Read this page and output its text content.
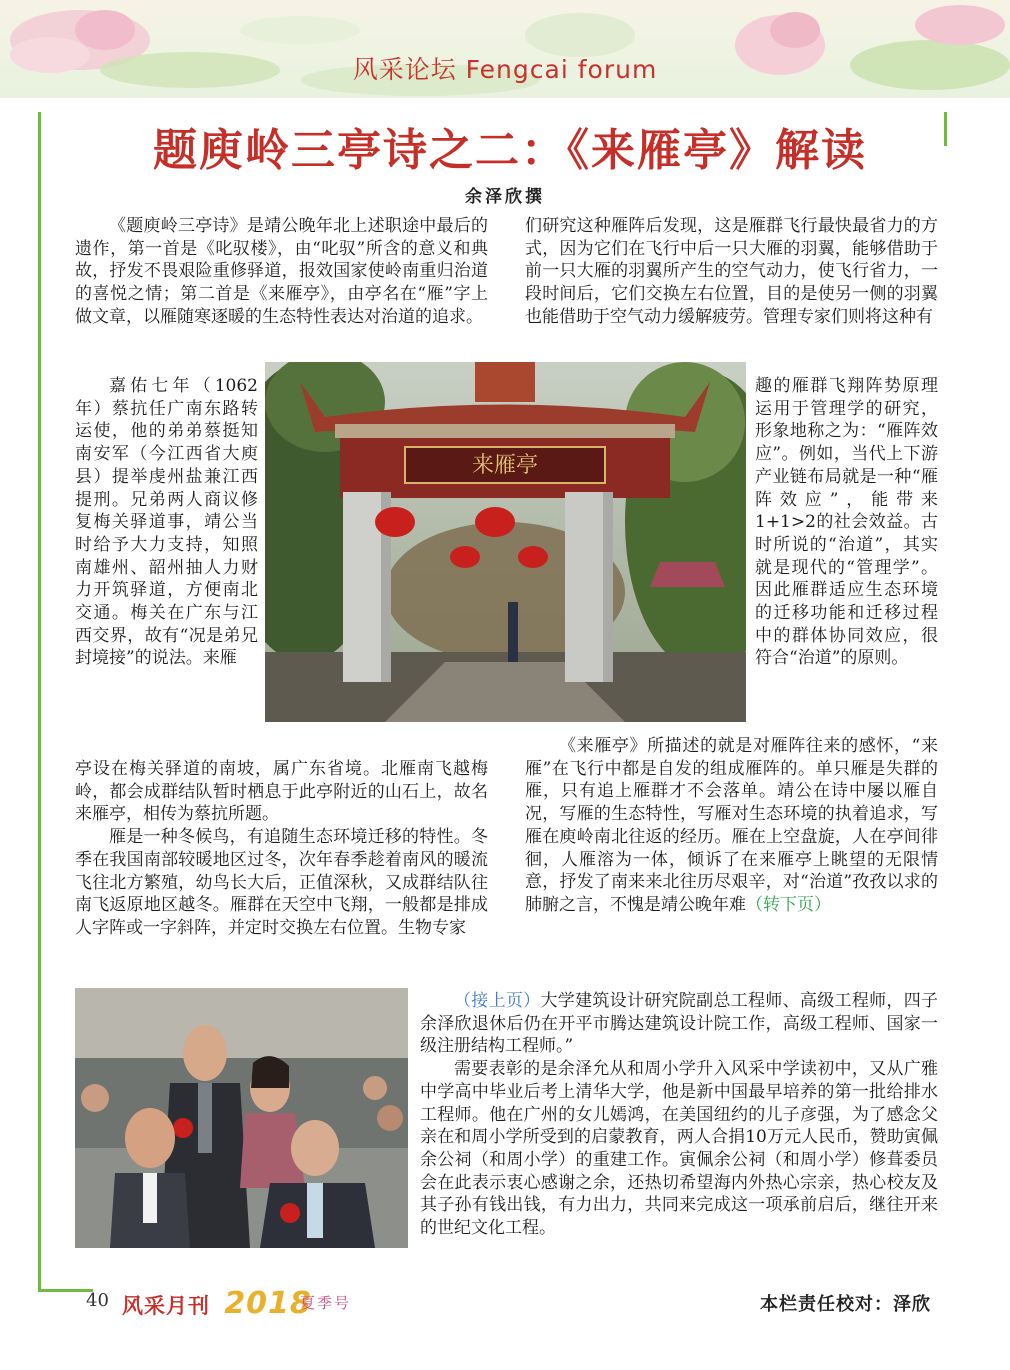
风采论坛 Fengcai forum
题庾岭三亭诗之二：《来雁亭》解读
余泽欣撰

《题庾岭三亭诗》是靖公晚年北上述职途中最后的遗作，第一首是《叱驭楼》，由“叱驭”所含的意义和典故，抒发不畏艰险重修驿道，报效国家使岭南重归治道的喜悦之情；第二首是《来雁亭》，由亭名在“雁”字上做文章，以雁随寒逐暖的生态特性表达对治道的追求。

嘉佑七年（1062年）蔡抗任广南东路转运使，他的弟弟蔡挺知南安军（今江西省大庾县）提举虔州盐兼江西提刑。兄弟两人商议修复梅关驿道事，靖公当时给予大力支持，知照南雄州、韶州抽人力财力开筑驿道，方便南北交通。梅关在广东与江西交界，故有“况是弟兄封境接”的说法。来雁

亭设在梅关驿道的南坡，属广东省境。北雁南飞越梅岭，都会成群结队暂时栖息于此亭附近的山石上，故名来雁亭，相传为蔡抗所题。

雁是一种冬候鸟，有追随生态环境迁移的特性。冬季在我国南部较暖地区过冬，次年春季趁着南风的暖流飞往北方繁殖，幼鸟长大后，正值深秋，又成群结队往南飞返原地区越冬。雁群在天空中飞翔，一般都是排成人字阵或一字斜阵，并定时交换左右位置。生物专家

们研究这种雁阵后发现，这是雁群飞行最快最省力的方式，因为它们在飞行中后一只大雁的羽翼，能够借助于前一只大雁的羽翼所产生的空气动力，使飞行省力，一段时间后，它们交换左右位置，目的是使另一侧的羽翼也能借助于空气动力缓解疲劳。管理专家们则将这种有

趣的雁群飞翔阵势原理运用于管理学的研究，形象地称之为：“雁阵效应”。例如，当代上下游产业链布局就是一种“雁阵效应”，能带来1+1>2的社会效益。古时所说的“治道”，其实就是现代的“管理学”。因此雁群适应生态环境的迁移功能和迁移过程中的群体协同效应，很符合“治道”的原则。

《来雁亭》所描述的就是对雁阵往来的感怀，“来雁”在飞行中都是自发的组成雁阵的。单只雁是失群的雁，只有追上雁群才不会落单。靖公在诗中屡以雁自况，写雁的生态特性，写雁对生态环境的执着追求，写雁在庾岭南北往返的经历。雁在上空盘旋，人在亭间徘徊，人雁溶为一体，倾诉了在来雁亭上眺望的无限情意，抒发了南来来北往历尽艰辛，对“治道”孜孜以求的肺腑之言，不愧是靖公晚年难（转下页）

来雁亭

（接上页）大学建筑设计研究院副总工程师、高级工程师，四子余泽欣退休后仍在开平市腾达建筑设计院工作，高级工程师、国家一级注册结构工程师。”

需要表彰的是余泽允从和周小学升入风采中学读初中，又从广雅中学高中毕业后考上清华大学，他是新中国最早培养的第一批给排水工程师。他在广州的女儿嫣鸿，在美国纽约的儿子彦强，为了感念父亲在和周小学所受到的启蒙教育，两人合捐10万元人民币，赞助寅佩余公祠（和周小学）的重建工作。寅佩余公祠（和周小学）修葺委员会在此表示衷心感谢之余，还热切希望海内外热心宗亲，热心校友及其子孙有钱出钱，有力出力，共同来完成这一项承前启后，继往开来的世纪文化工程。

40 风采月刊 2018
夏季号	本栏责任校对：泽欣
